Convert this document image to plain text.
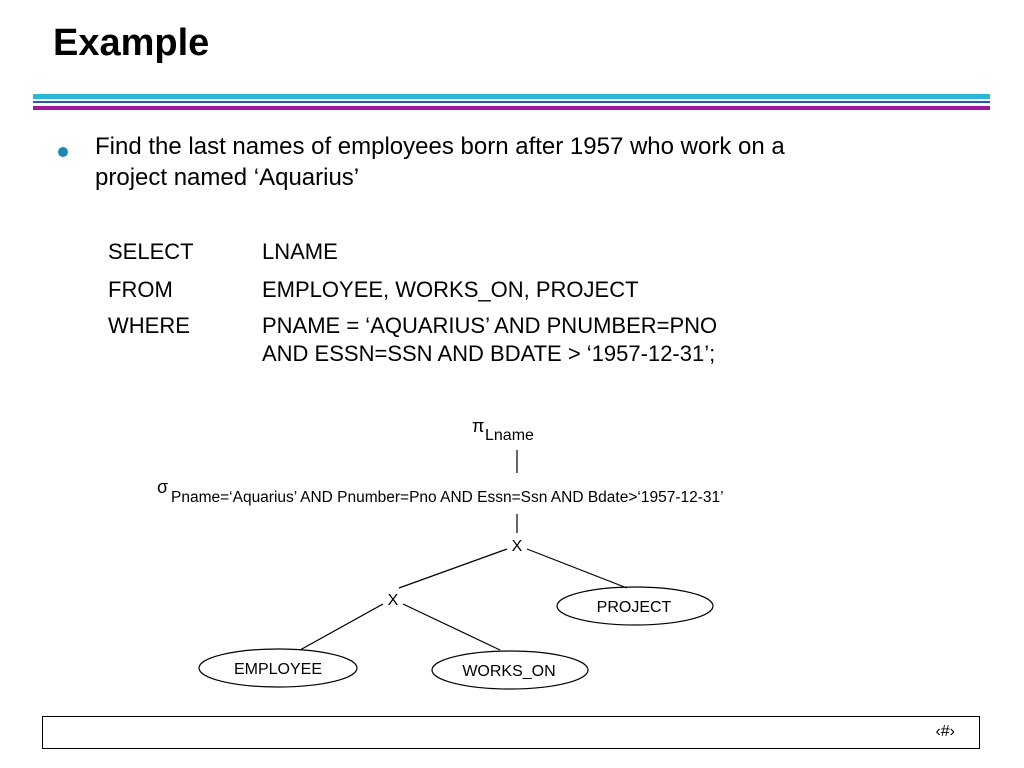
Example
Find the last names of employees born after 1957 who work on a
project named ‘Aquarius’
SELECT	LNAME
FROM	EMPLOYEE, WORKS_ON, PROJECT
WHERE	PNAME = ‘AQUARIUS’ AND PNUMBER=PNO
AND ESSN=SSN AND BDATE > ‘1957-12-31’;
π Lname
σ
Pname=‘Aquarius’ AND Pnumber=Pno AND Essn=Ssn AND Bdate>‘1957-12-31’
X
X	PROJECT
EMPLOYEE	WORKS_ON
‹#›
